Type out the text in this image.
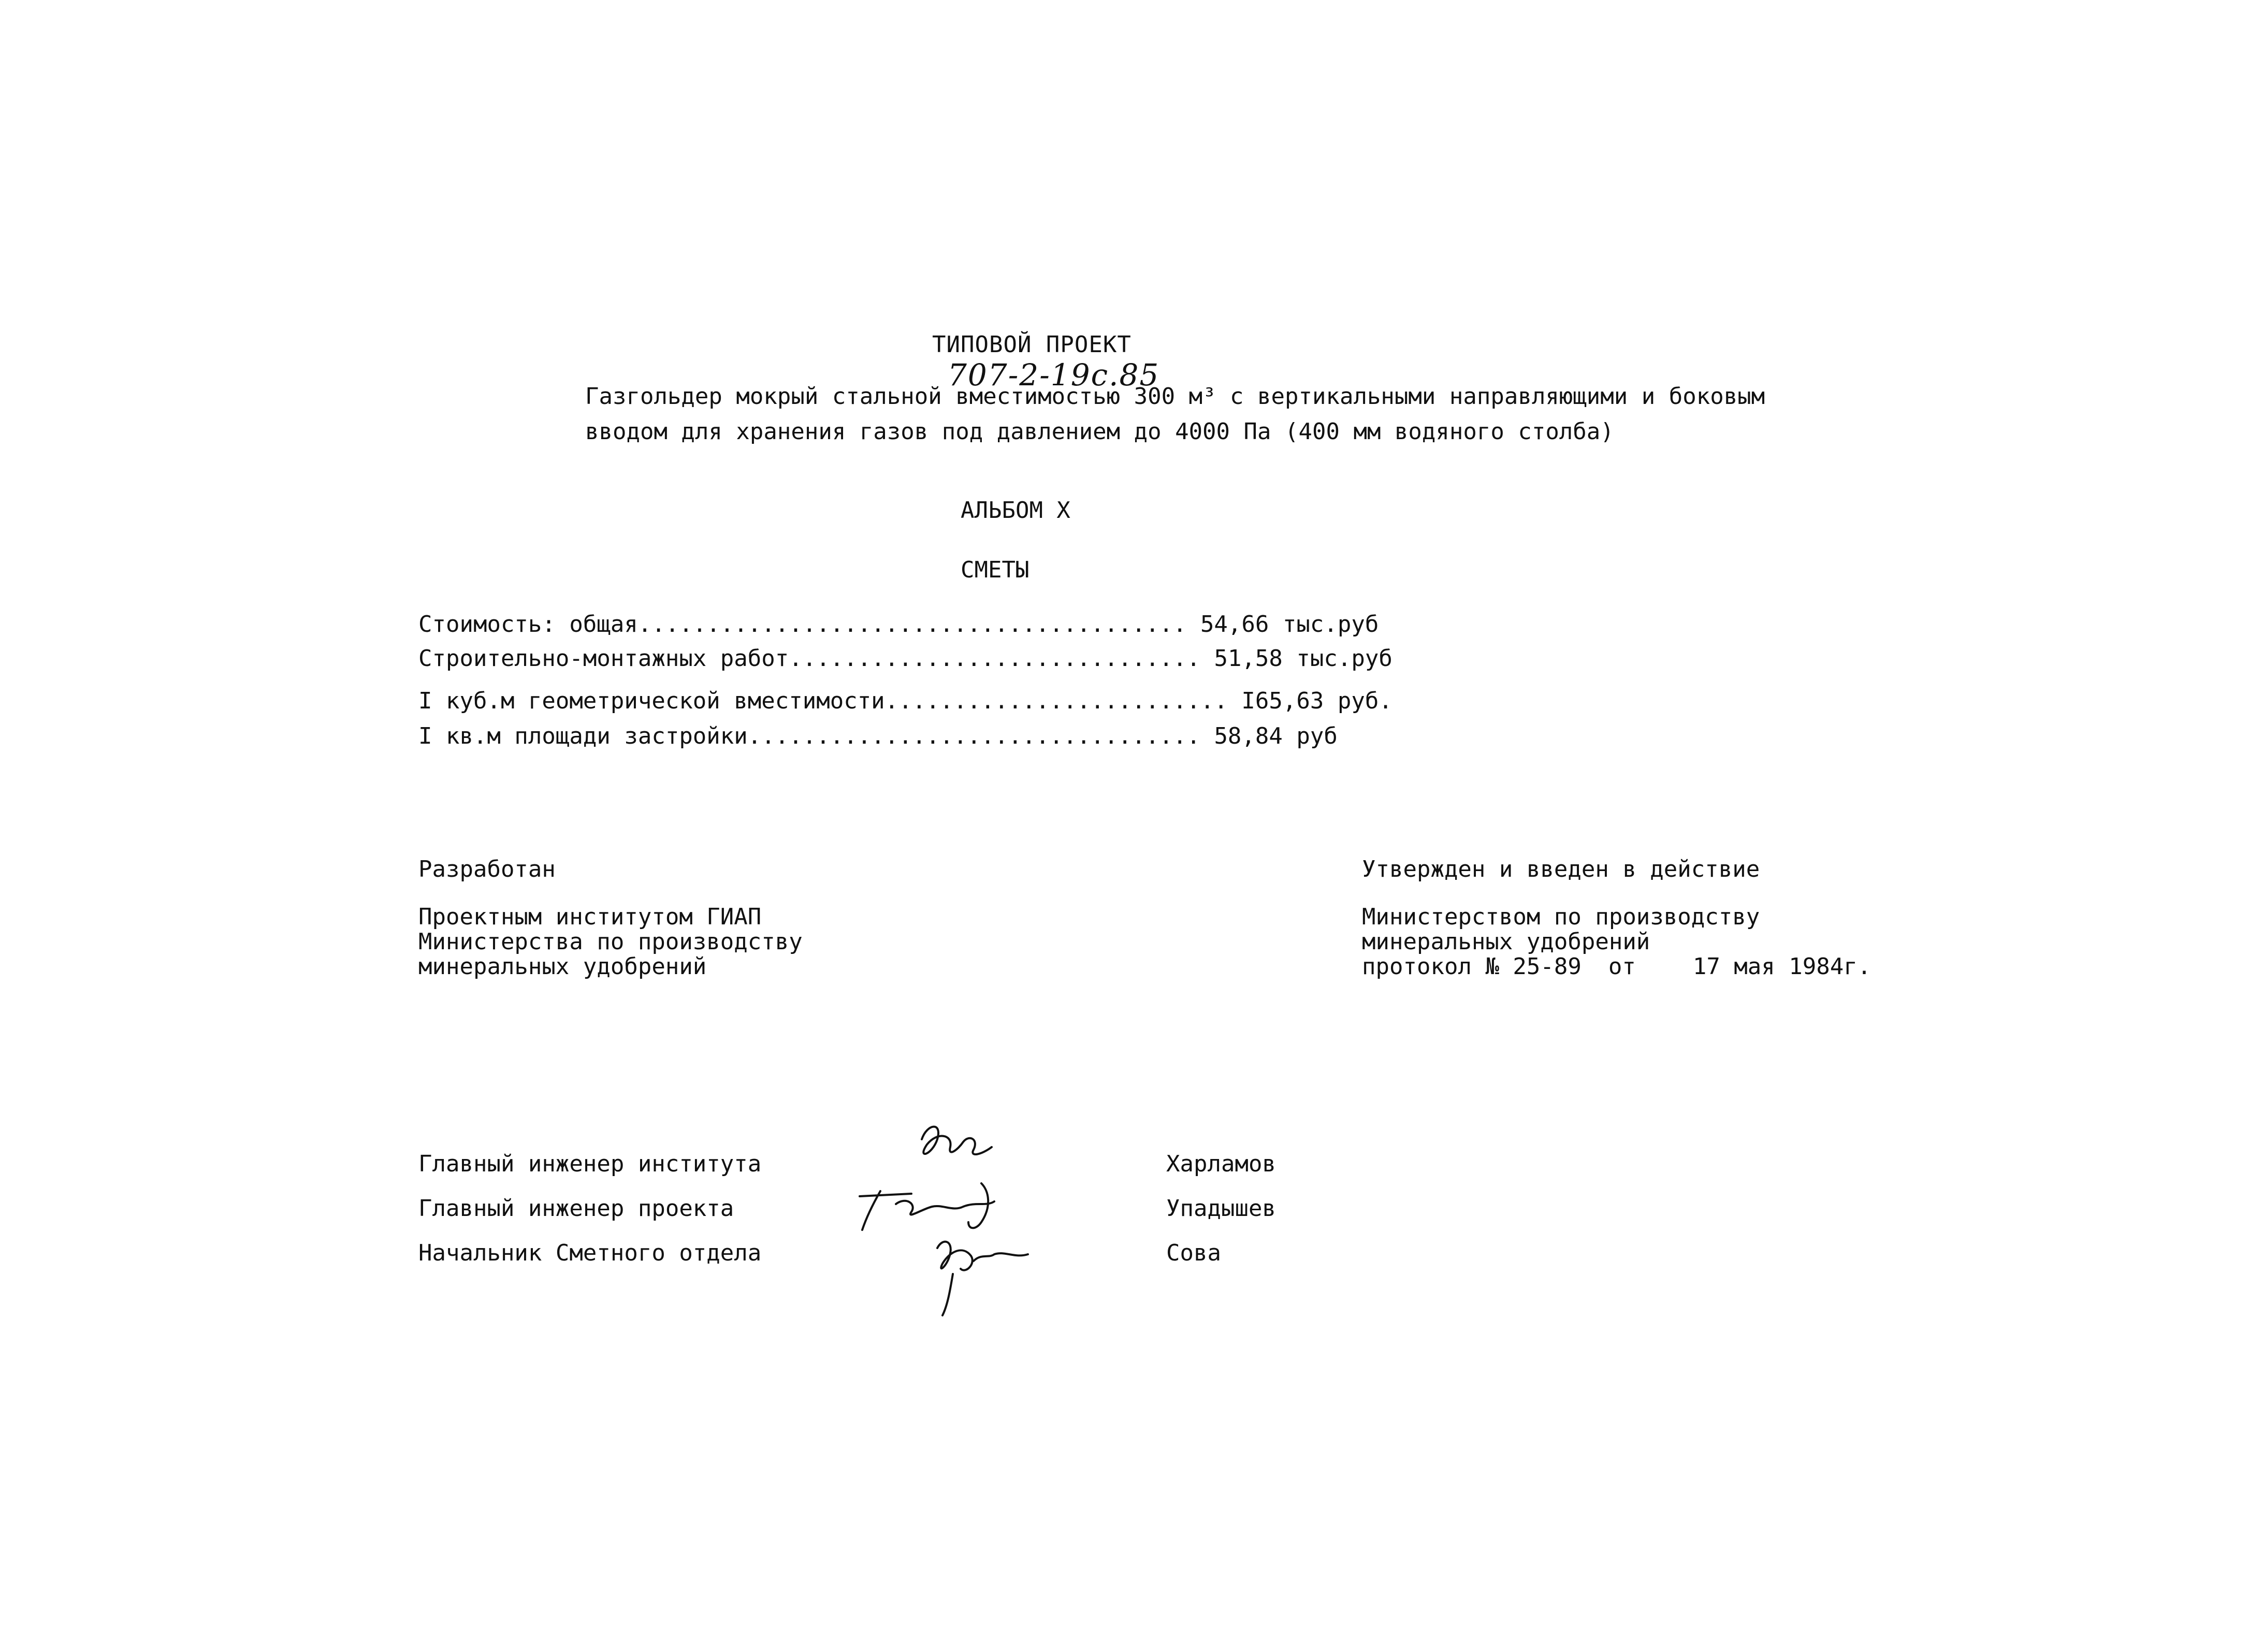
ТИПОВОЙ ПРОЕКТ
707-2-19с.85
Газгольдер мокрый стальной вместимостью 300 м³ с вертикальными направляющими и боковым
вводом для хранения газов под давлением до 4000 Па (400 мм водяного столба)
АЛЬБОМ X
СМЕТЫ
Стоимость: общая........................................ 54,66 тыс.руб
Строительно-монтажных работ.............................. 51,58 тыс.руб
I куб.м геометрической вместимости......................... I65,63 руб.
I кв.м площади застройки................................. 58,84 руб
Разработан
Проектным институтом ГИАП
Министерства по производству
минеральных удобрений
Утвержден и введен в действие
Министерством по производству
минеральных удобрений
протокол № 25-89 от	17 мая 1984г.
Главный инженер института
Главный инженер проекта
Начальник Сметного отдела
Харламов
Упадышев
Сова
